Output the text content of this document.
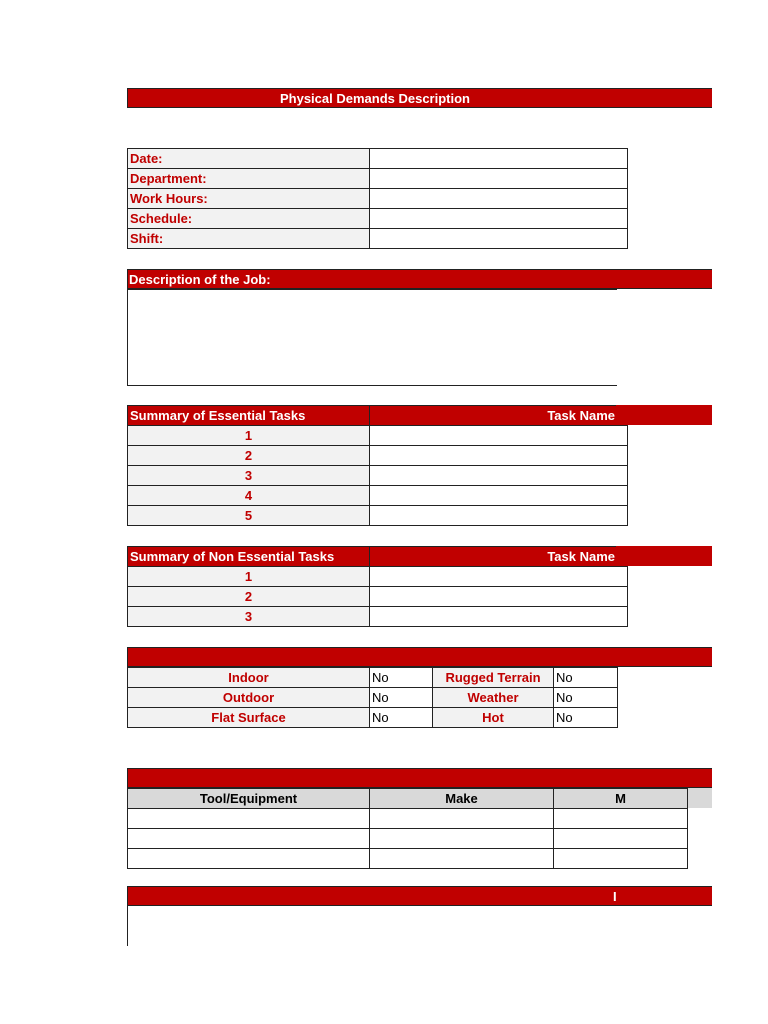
Physical Demands Description
Date:	
Department:	
Work Hours:	
Schedule:	
Shift:	
Description of the Job:
Summary of Essential Tasks	Task Name
1	
2	
3	
4	
5	
Summary of Non Essential Tasks	Task Name
1	
2	
3	
Indoor	No	Rugged Terrain	No
Outdoor	No	Weather	No
Flat Surface	No	Hot	No
Tool/Equipment	Make	M

I
